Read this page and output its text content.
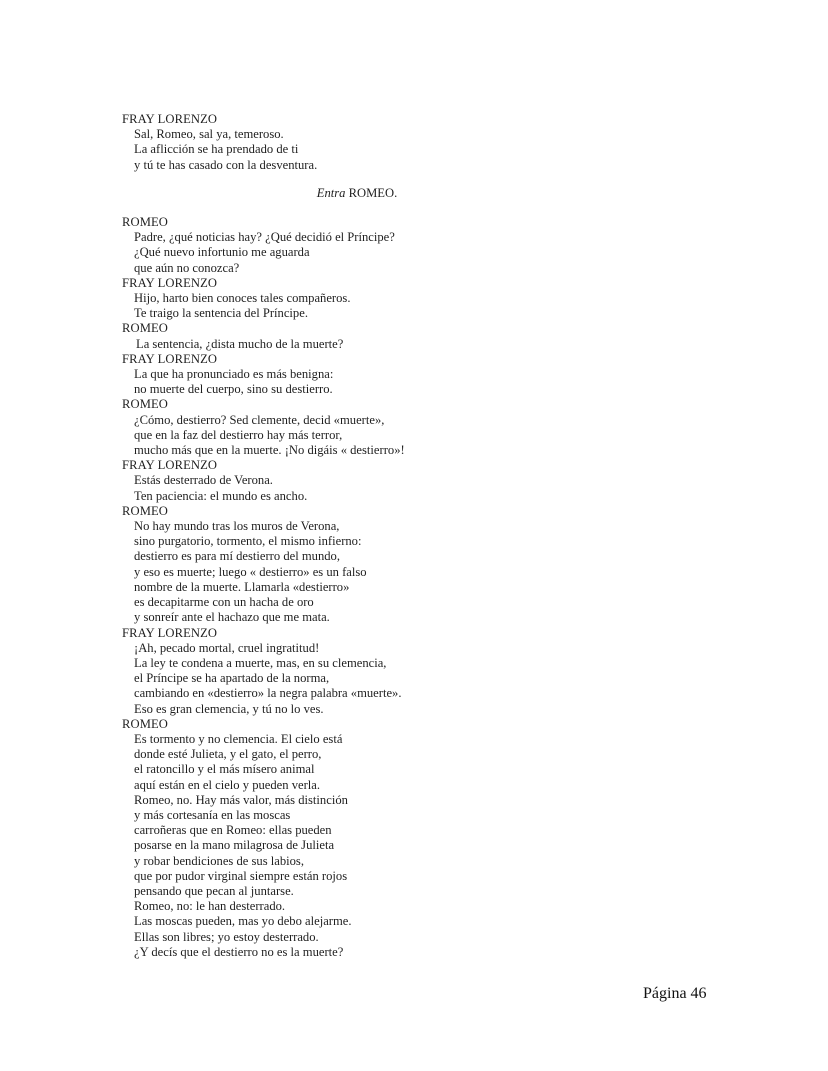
FRAY LORENZO
Sal, Romeo, sal ya, temeroso.
La aflicción se ha prendado de ti
y tú te has casado con la desventura.
Entra ROMEO.
ROMEO
Padre, ¿qué noticias hay? ¿Qué decidió el Príncipe?
¿Qué nuevo infortunio me aguarda
que aún no conozca?
FRAY LORENZO
Hijo, harto bien conoces tales compañeros.
Te traigo la sentencia del Príncipe.
ROMEO
La sentencia, ¿dista mucho de la muerte?
FRAY LORENZO
La que ha pronunciado es más benigna:
no muerte del cuerpo, sino su destierro.
ROMEO
¿Cómo, destierro? Sed clemente, decid «muerte»,
que en la faz del destierro hay más terror,
mucho más que en la muerte. ¡No digáis « destierro»!
FRAY LORENZO
Estás desterrado de Verona.
Ten paciencia: el mundo es ancho.
ROMEO
No hay mundo tras los muros de Verona,
sino purgatorio, tormento, el mismo infierno:
destierro es para mí destierro del mundo,
y eso es muerte; luego « destierro» es un falso
nombre de la muerte. Llamarla «destierro»
es decapitarme con un hacha de oro
y sonreír ante el hachazo que me mata.
FRAY LORENZO
¡Ah, pecado mortal, cruel ingratitud!
La ley te condena a muerte, mas, en su clemencia,
el Príncipe se ha apartado de la norma,
cambiando en «destierro» la negra palabra «muerte».
Eso es gran clemencia, y tú no lo ves.
ROMEO
Es tormento y no clemencia. El cielo está
donde esté Julieta, y el gato, el perro,
el ratoncillo y el más mísero animal
aquí están en el cielo y pueden verla.
Romeo, no. Hay más valor, más distinción
y más cortesanía en las moscas
carroñeras que en Romeo: ellas pueden
posarse en la mano milagrosa de Julieta
y robar bendiciones de sus labios,
que por pudor virginal siempre están rojos
pensando que pecan al juntarse.
Romeo, no: le han desterrado.
Las moscas pueden, mas yo debo alejarme.
Ellas son libres; yo estoy desterrado.
¿Y decís que el destierro no es la muerte?
Página 46
